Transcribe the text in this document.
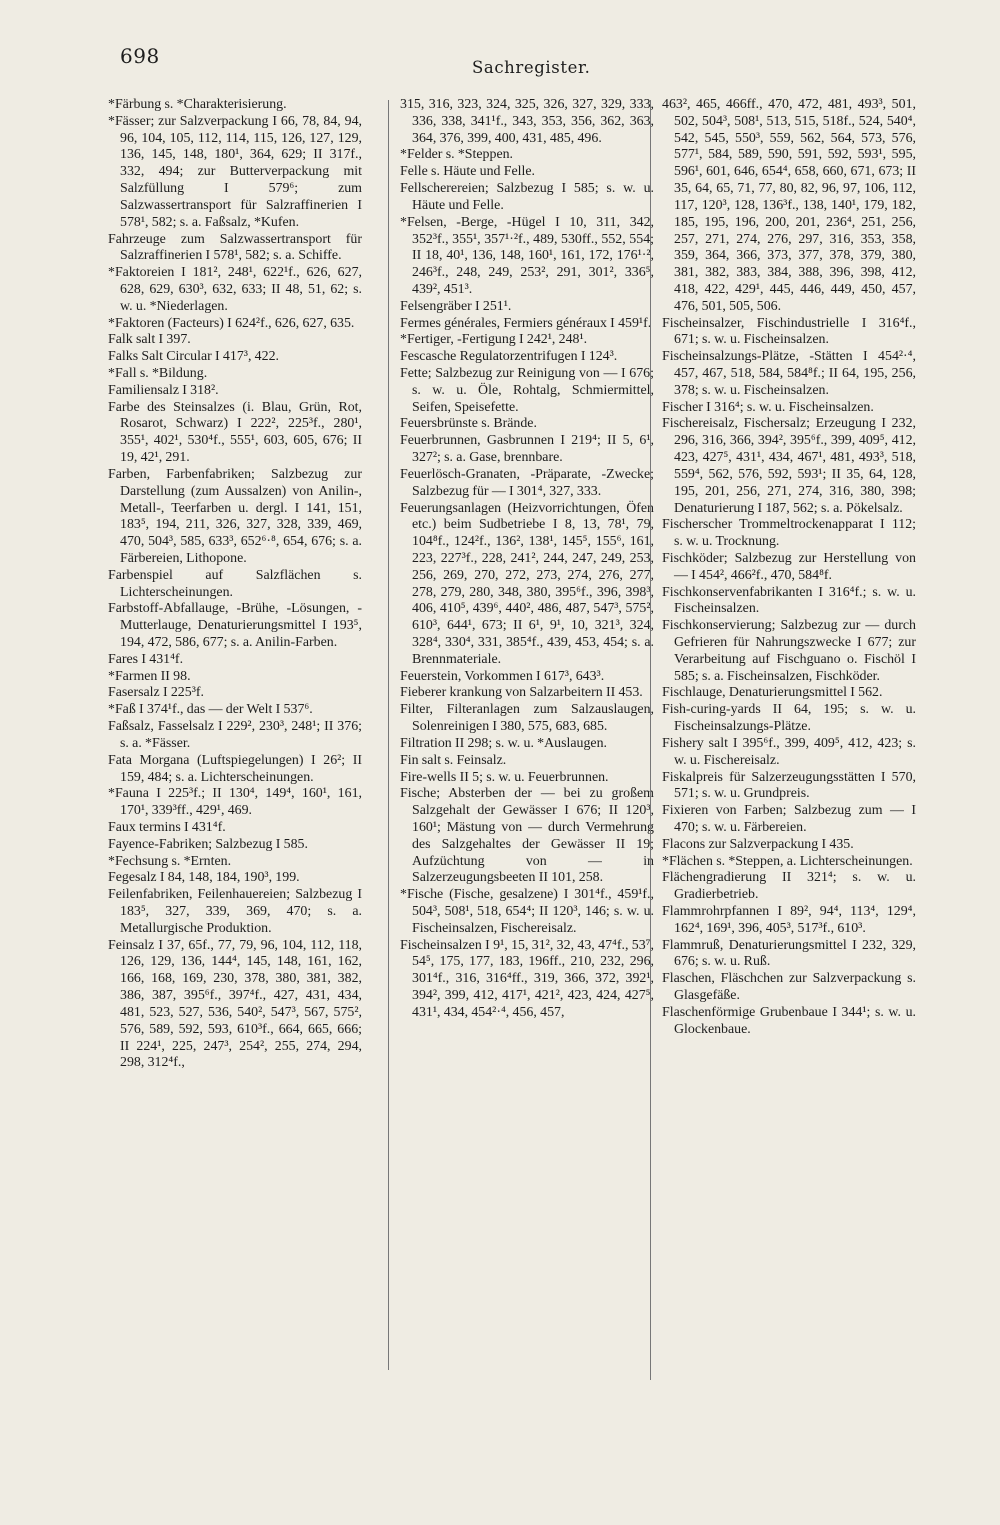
698	Sachregister.

*Färbung s. *Charakterisierung.

*Fässer; zur Salzverpackung I 66, 78, 84, 94, 96, 104, 105, 112, 114, 115, 126, 127, 129, 136, 145, 148, 180¹, 364, 629; II 317f., 332, 494; zur Butterverpackung mit Salzfüllung I 579⁶; zum Salzwassertransport für Salzraffinerien I 578¹, 582; s. a. Faßsalz, *Kufen.

Fahrzeuge zum Salzwassertransport für Salzraffinerien I 578¹, 582; s. a. Schiffe.

*Faktoreien I 181², 248¹, 622¹f., 626, 627, 628, 629, 630³, 632, 633; II 48, 51, 62; s. w. u. *Niederlagen.

*Faktoren (Facteurs) I 624²f., 626, 627, 635.

Falk salt I 397.

Falks Salt Circular I 417³, 422.

*Fall s. *Bildung.

Familiensalz I 318².

Farbe des Steinsalzes (i. Blau, Grün, Rot, Rosarot, Schwarz) I 222², 225³f., 280¹, 355¹, 402¹, 530⁴f., 555¹, 603, 605, 676; II 19, 42¹, 291.

Farben, Farbenfabriken; Salzbezug zur Darstellung (zum Aussalzen) von Anilin-, Metall-, Teerfarben u. dergl. I 141, 151, 183⁵, 194, 211, 326, 327, 328, 339, 469, 470, 504³, 585, 633³, 652⁶·⁸, 654, 676; s. a. Färbereien, Lithopone.

Farbenspiel auf Salzflächen s. Lichterscheinungen.

Farbstoff-Abfallauge, -Brühe, -Lösungen, -Mutterlauge, Denaturierungsmittel I 193⁵, 194, 472, 586, 677; s. a. Anilin-Farben.

Fares I 431⁴f.

*Farmen II 98.

Fasersalz I 225³f.

*Faß I 374¹f., das — der Welt I 537⁶.

Faßsalz, Fasselsalz I 229², 230³, 248¹; II 376; s. a. *Fässer.

Fata Morgana (Luftspiegelungen) I 26²; II 159, 484; s. a. Lichterscheinungen.

*Fauna I 225³f.; II 130⁴, 149⁴, 160¹, 161, 170¹, 339³ff., 429¹, 469.

Faux termins I 431⁴f.

Fayence-Fabriken; Salzbezug I 585.

*Fechsung s. *Ernten.

Fegesalz I 84, 148, 184, 190³, 199.

Feilenfabriken, Feilenhauereien; Salzbezug I 183⁵, 327, 339, 369, 470; s. a. Metallurgische Produktion.

Feinsalz I 37, 65f., 77, 79, 96, 104, 112, 118, 126, 129, 136, 144⁴, 145, 148, 161, 162, 166, 168, 169, 230, 378, 380, 381, 382, 386, 387, 395⁶f., 397⁴f., 427, 431, 434, 481, 523, 527, 536, 540², 547³, 567, 575², 576, 589, 592, 593, 610³f., 664, 665, 666; II 224¹, 225, 247³, 254², 255, 274, 294, 298, 312⁴f.,

315, 316, 323, 324, 325, 326, 327, 329, 333, 336, 338, 341¹f., 343, 353, 356, 362, 363, 364, 376, 399, 400, 431, 485, 496.

*Felder s. *Steppen.

Felle s. Häute und Felle.

Fellscherereien; Salzbezug I 585; s. w. u. Häute und Felle.

*Felsen, -Berge, -Hügel I 10, 311, 342, 352³f., 355¹, 357¹·²f., 489, 530ff., 552, 554; II 18, 40¹, 136, 148, 160¹, 161, 172, 176¹·², 246³f., 248, 249, 253², 291, 301², 336⁵, 439², 451³.

Felsengräber I 251¹.

Fermes générales, Fermiers généraux I 459¹f.

*Fertiger, -Fertigung I 242¹, 248¹.

Fescasche Regulatorzentrifugen I 124³.

Fette; Salzbezug zur Reinigung von — I 676; s. w. u. Öle, Rohtalg, Schmiermittel, Seifen, Speisefette.

Feuersbrünste s. Brände.

Feuerbrunnen, Gasbrunnen I 219⁴; II 5, 6¹, 327²; s. a. Gase, brennbare.

Feuerlösch-Granaten, -Präparate, -Zwecke; Salzbezug für — I 301⁴, 327, 333.

Feuerungsanlagen (Heizvorrichtungen, Öfen etc.) beim Sudbetriebe I 8, 13, 78¹, 79, 104⁸f., 124²f., 136², 138¹, 145⁵, 155⁶, 161, 223, 227³f., 228, 241², 244, 247, 249, 253, 256, 269, 270, 272, 273, 274, 276, 277, 278, 279, 280, 348, 380, 395⁶f., 396, 398³, 406, 410⁵, 439⁶, 440², 486, 487, 547³, 575², 610³, 644¹, 673; II 6¹, 9¹, 10, 321³, 324, 328⁴, 330⁴, 331, 385⁴f., 439, 453, 454; s. a. Brennmateriale.

Feuerstein, Vorkommen I 617³, 643³.

Fieberer krankung von Salzarbeitern II 453.

Filter, Filteranlagen zum Salzauslaugen, Solenreinigen I 380, 575, 683, 685.

Filtration II 298; s. w. u. *Auslaugen.

Fin salt s. Feinsalz.

Fire-wells II 5; s. w. u. Feuerbrunnen.

Fische; Absterben der — bei zu großem Salzgehalt der Gewässer I 676; II 120³, 160¹; Mästung von — durch Vermehrung des Salzgehaltes der Gewässer II 19; Aufzüchtung von — in Salzerzeugungsbeeten II 101, 258.

*Fische (Fische, gesalzene) I 301⁴f., 459¹f., 504³, 508¹, 518, 654⁴; II 120³, 146; s. w. u. Fischeinsalzen, Fischereisalz.

Fischeinsalzen I 9¹, 15, 31², 32, 43, 47⁴f., 53⁷, 54⁵, 175, 177, 183, 196ff., 210, 232, 296, 301⁴f., 316, 316⁴ff., 319, 366, 372, 392¹, 394², 399, 412, 417¹, 421², 423, 424, 427⁵, 431¹, 434, 454²·⁴, 456, 457,

463², 465, 466ff., 470, 472, 481, 493³, 501, 502, 504³, 508¹, 513, 515, 518f., 524, 540⁴, 542, 545, 550³, 559, 562, 564, 573, 576, 577¹, 584, 589, 590, 591, 592, 593¹, 595, 596¹, 601, 646, 654⁴, 658, 660, 671, 673; II 35, 64, 65, 71, 77, 80, 82, 96, 97, 106, 112, 117, 120³, 128, 136³f., 138, 140¹, 179, 182, 185, 195, 196, 200, 201, 236⁴, 251, 256, 257, 271, 274, 276, 297, 316, 353, 358, 359, 364, 366, 373, 377, 378, 379, 380, 381, 382, 383, 384, 388, 396, 398, 412, 418, 422, 429¹, 445, 446, 449, 450, 457, 476, 501, 505, 506.

Fischeinsalzer, Fischindustrielle I 316⁴f., 671; s. w. u. Fischeinsalzen.

Fischeinsalzungs-Plätze, -Stätten I 454²·⁴, 457, 467, 518, 584, 584⁸f.; II 64, 195, 256, 378; s. w. u. Fischeinsalzen.

Fischer I 316⁴; s. w. u. Fischeinsalzen.

Fischereisalz, Fischersalz; Erzeugung I 232, 296, 316, 366, 394², 395⁶f., 399, 409⁵, 412, 423, 427⁵, 431¹, 434, 467¹, 481, 493³, 518, 559⁴, 562, 576, 592, 593¹; II 35, 64, 128, 195, 201, 256, 271, 274, 316, 380, 398; Denaturierung I 187, 562; s. a. Pökelsalz.

Fischerscher Trommeltrockenapparat I 112; s. w. u. Trocknung.

Fischköder; Salzbezug zur Herstellung von — I 454², 466²f., 470, 584⁸f.

Fischkonservenfabrikanten I 316⁴f.; s. w. u. Fischeinsalzen.

Fischkonservierung; Salzbezug zur — durch Gefrieren für Nahrungszwecke I 677; zur Verarbeitung auf Fischguano o. Fischöl I 585; s. a. Fischeinsalzen, Fischköder.

Fischlauge, Denaturierungsmittel I 562.

Fish-curing-yards II 64, 195; s. w. u. Fischeinsalzungs-Plätze.

Fishery salt I 395⁶f., 399, 409⁵, 412, 423; s. w. u. Fischereisalz.

Fiskalpreis für Salzerzeugungsstätten I 570, 571; s. w. u. Grundpreis.

Fixieren von Farben; Salzbezug zum — I 470; s. w. u. Färbereien.

Flacons zur Salzverpackung I 435.

*Flächen s. *Steppen, a. Lichterscheinungen.

Flächengradierung II 321⁴; s. w. u. Gradierbetrieb.

Flammrohrpfannen I 89², 94⁴, 113⁴, 129⁴, 162⁴, 169¹, 396, 405³, 517³f., 610³.

Flammruß, Denaturierungsmittel I 232, 329, 676; s. w. u. Ruß.

Flaschen, Fläschchen zur Salzverpackung s. Glasgefäße.

Flaschenförmige Grubenbaue I 344¹; s. w. u. Glockenbaue.
